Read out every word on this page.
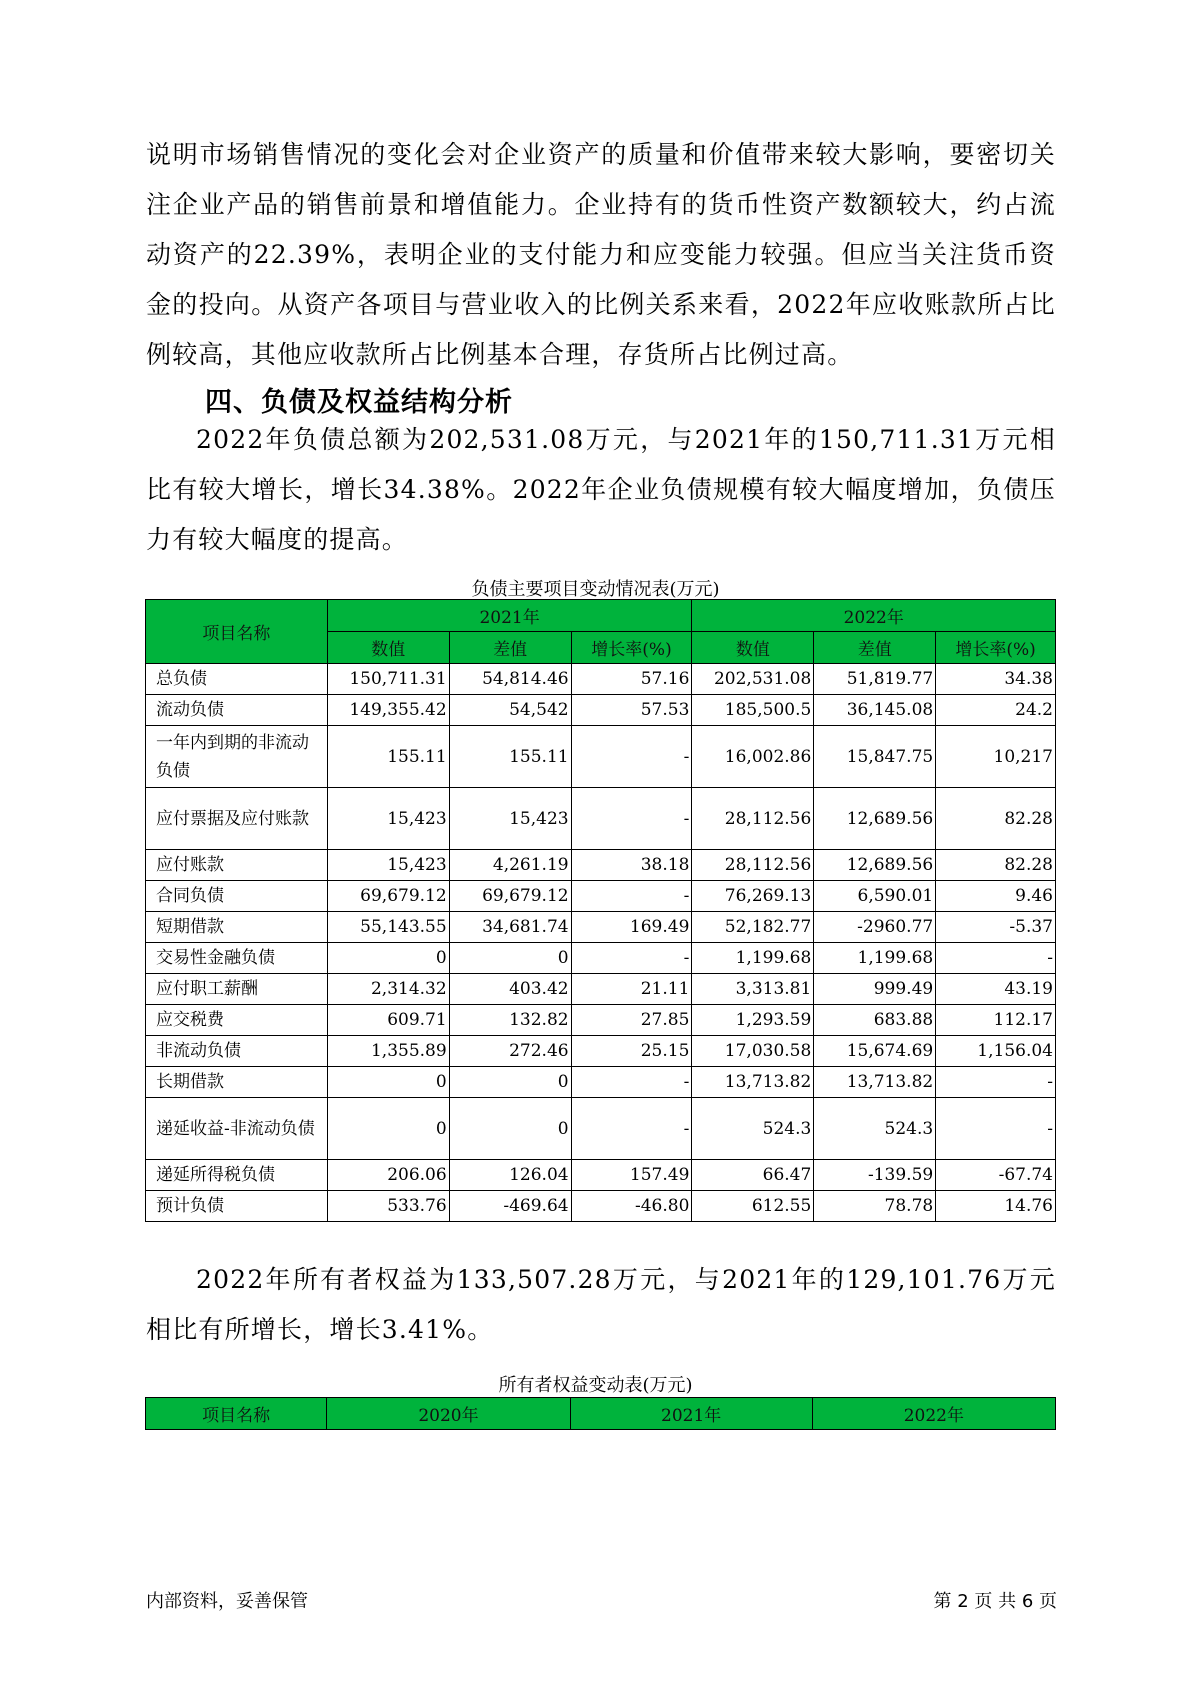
说明市场销售情况的变化会对企业资产的质量和价值带来较大影响，要密切关注企业产品的销售前景和增值能力。企业持有的货币性资产数额较大，约占流动资产的22.39%，表明企业的支付能力和应变能力较强。但应当关注货币资金的投向。从资产各项目与营业收入的比例关系来看，2022年应收账款所占比例较高，其他应收款所占比例基本合理，存货所占比例过高。

四、负债及权益结构分析

2022年负债总额为202,531.08万元，与2021年的150,711.31万元相比有较大增长，增长34.38%。2022年企业负债规模有较大幅度增加，负债压力有较大幅度的提高。

负债主要项目变动情况表(万元)

项目名称	2021年			2022年		
	数值	差值	增长率(%)	数值	差值	增长率(%)
总负债	150,711.31	54,814.46	57.16	202,531.08	51,819.77	34.38
流动负债	149,355.42	54,542	57.53	185,500.5	36,145.08	24.2
一年内到期的非流动负债	155.11	155.11	-	16,002.86	15,847.75	10,217
应付票据及应付账款	15,423	15,423	-	28,112.56	12,689.56	82.28
应付账款	15,423	4,261.19	38.18	28,112.56	12,689.56	82.28
合同负债	69,679.12	69,679.12	-	76,269.13	6,590.01	9.46
短期借款	55,143.55	34,681.74	169.49	52,182.77	-2960.77	-5.37
交易性金融负债	0	0	-	1,199.68	1,199.68	-
应付职工薪酬	2,314.32	403.42	21.11	3,313.81	999.49	43.19
应交税费	609.71	132.82	27.85	1,293.59	683.88	112.17
非流动负债	1,355.89	272.46	25.15	17,030.58	15,674.69	1,156.04
长期借款	0	0	-	13,713.82	13,713.82	-
递延收益-非流动负债	0	0	-	524.3	524.3	-
递延所得税负债	206.06	126.04	157.49	66.47	-139.59	-67.74
预计负债	533.76	-469.64	-46.80	612.55	78.78	14.76

2022年所有者权益为133,507.28万元，与2021年的129,101.76万元相比有所增长，增长3.41%。

所有者权益变动表(万元)

项目名称	2020年	2021年	2022年
内部资料，妥善保管	第 2 页 共 6 页
